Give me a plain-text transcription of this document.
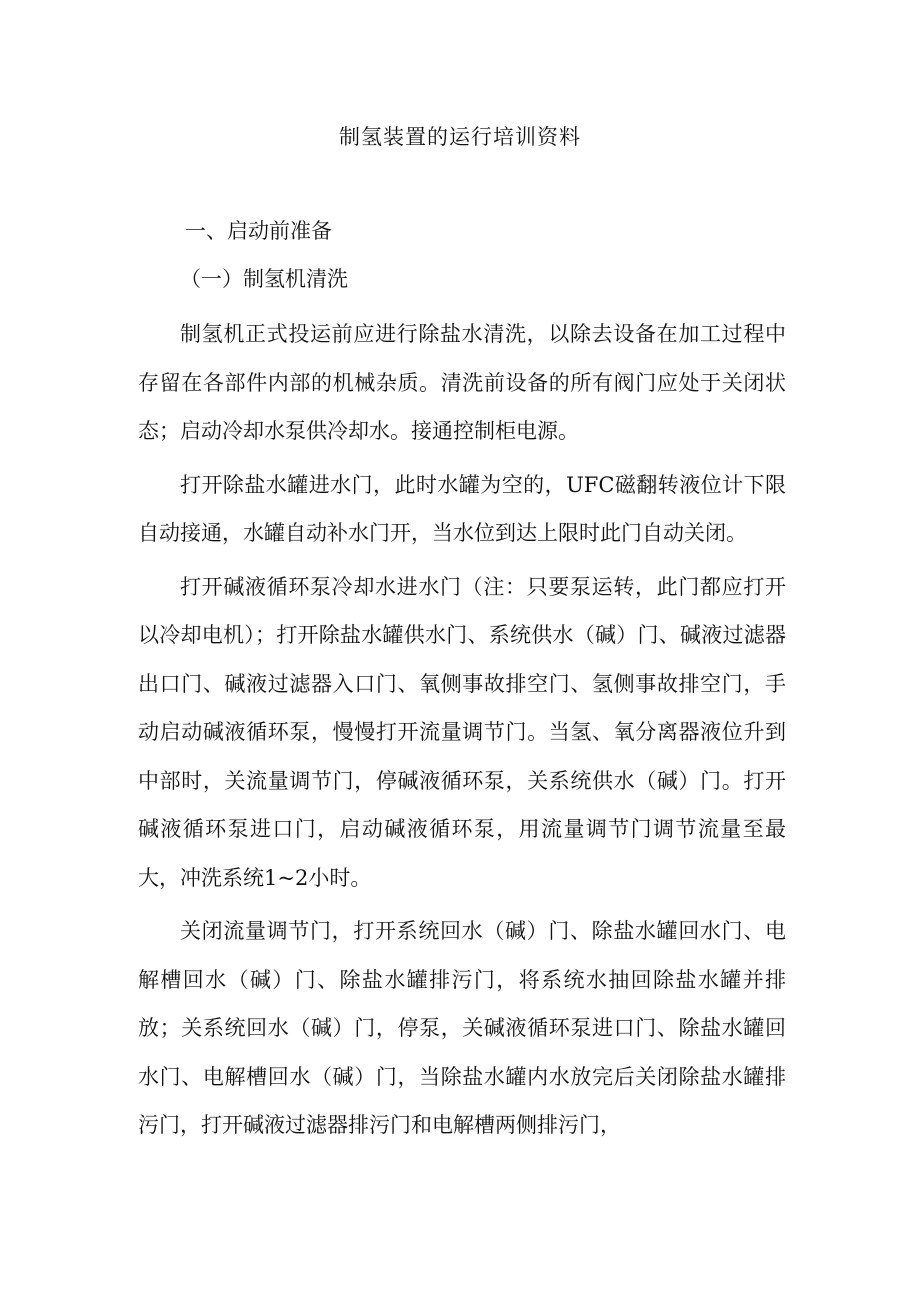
制氢装置的运行培训资料
一、启动前准备
（一）制氢机清洗

制氢机正式投运前应进行除盐水清洗，以除去设备在加工过程中存留在各部件内部的机械杂质。清洗前设备的所有阀门应处于关闭状态；启动冷却水泵供冷却水。接通控制柜电源。

打开除盐水罐进水门，此时水罐为空的，UFC磁翻转液位计下限自动接通，水罐自动补水门开，当水位到达上限时此门自动关闭。

打开碱液循环泵冷却水进水门（注：只要泵运转，此门都应打开以冷却电机）；打开除盐水罐供水门、系统供水（碱）门、碱液过滤器出口门、碱液过滤器入口门、氧侧事故排空门、氢侧事故排空门，手动启动碱液循环泵，慢慢打开流量调节门。当氢、氧分离器液位升到中部时，关流量调节门，停碱液循环泵，关系统供水（碱）门。打开碱液循环泵进口门，启动碱液循环泵，用流量调节门调节流量至最大，冲洗系统1~2小时。

关闭流量调节门，打开系统回水（碱）门、除盐水罐回水门、电解槽回水（碱）门、除盐水罐排污门，将系统水抽回除盐水罐并排放；关系统回水（碱）门，停泵，关碱液循环泵进口门、除盐水罐回水门、电解槽回水（碱）门，当除盐水罐内水放完后关闭除盐水罐排污门，打开碱液过滤器排污门和电解槽两侧排污门，
